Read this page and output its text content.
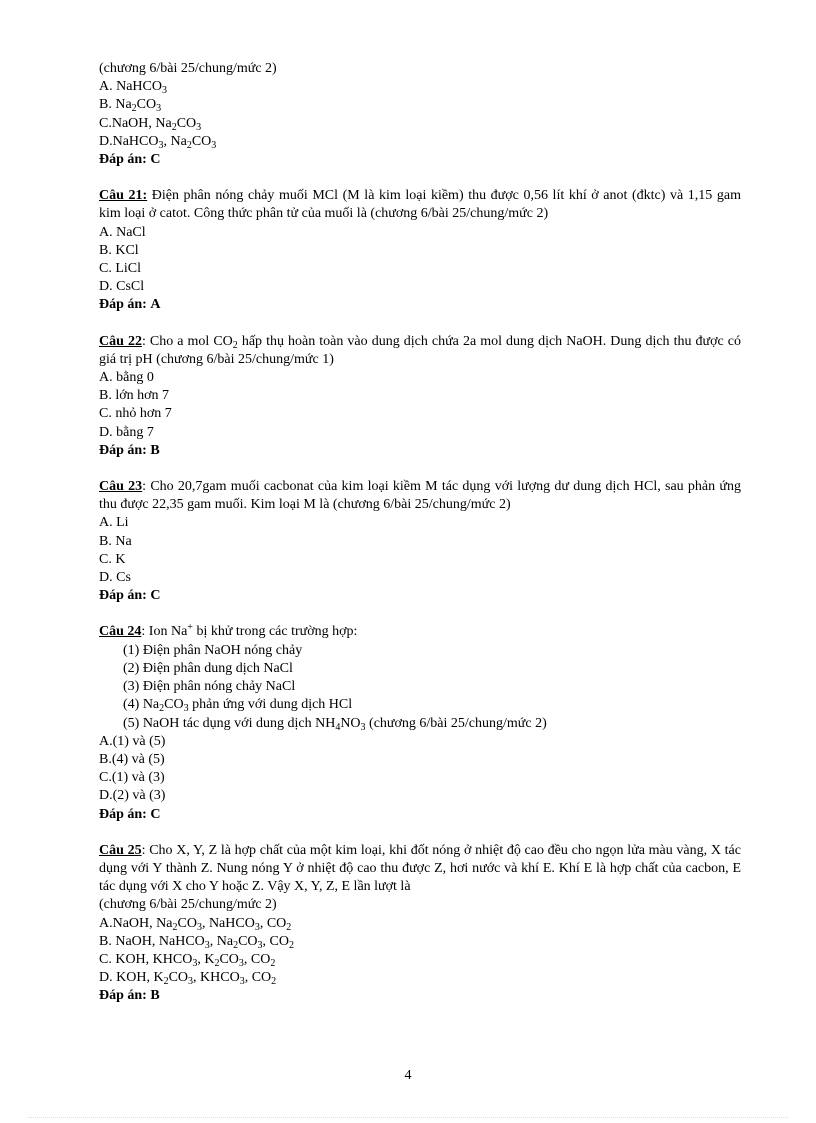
(chương 6/bài 25/chung/mức 2)
A. NaHCO$_3$
B. $Na_2CO_3$
C.NaOH, $Na_2CO_3$
D.NaHCO$_3$, $Na_2CO_3$
Đáp án: C
Câu 21: Điện phân nóng chảy muối MCl (M là kim loại kiềm) thu được 0,56 lít khí ở anot (đktc) và 1,15 gam kim loại ở catot. Công thức phân tử của muối là (chương 6/bài 25/chung/mức 2)
A. NaCl
B. KCl
C. LiCl
D. CsCl
Đáp án: A
Câu 22: Cho a mol $CO_2$ hấp thụ hoàn toàn vào dung dịch chứa 2a mol dung dịch NaOH. Dung dịch thu được có giá trị pH (chương 6/bài 25/chung/mức 1)
A. bằng 0
B. lớn hơn 7
C. nhỏ hơn 7
D. bằng 7
Đáp án: B
Câu 23: Cho 20,7gam muối cacbonat của kim loại kiềm M tác dụng với lượng dư dung dịch HCl, sau phản ứng thu được 22,35 gam muối. Kim loại M là (chương 6/bài 25/chung/mức 2)
A. Li
B. Na
C. K
D. Cs
Đáp án: C
Câu 24: Ion Na+ bị khử trong các trường hợp:
(1) Điện phân NaOH nóng chảy
(2) Điện phân dung dịch NaCl
(3) Điện phân nóng chảy NaCl
(4) $Na_2CO_3$ phản ứng với dung dịch HCl
(5) NaOH tác dụng với dung dịch $NH_4NO_3$ (chương 6/bài 25/chung/mức 2)
A.(1) và (5)
B.(4) và (5)
C.(1) và (3)
D.(2) và (3)
Đáp án: C
Câu 25: Cho X, Y, Z là hợp chất của một kim loại, khi đốt nóng ở nhiệt độ cao đều cho ngọn lửa màu vàng, X tác dụng với Y thành Z. Nung nóng Y ở nhiệt độ cao thu được Z, hơi nước và khí E. Khí E là hợp chất của cacbon, E tác dụng với X cho Y hoặc Z. Vậy X, Y, Z, E lần lượt là
(chương 6/bài 25/chung/mức 2)
A.NaOH, $Na_2CO_3$, NaHCO$_3$, $CO_2$
B. NaOH, NaHCO$_3$, $Na_2CO_3$, $CO_2$
C. KOH, $KHCO_3$, $K_2CO_3$, $CO_2$
D. KOH, $K_2CO_3$, $KHCO_3$, $CO_2$
Đáp án: B
4
